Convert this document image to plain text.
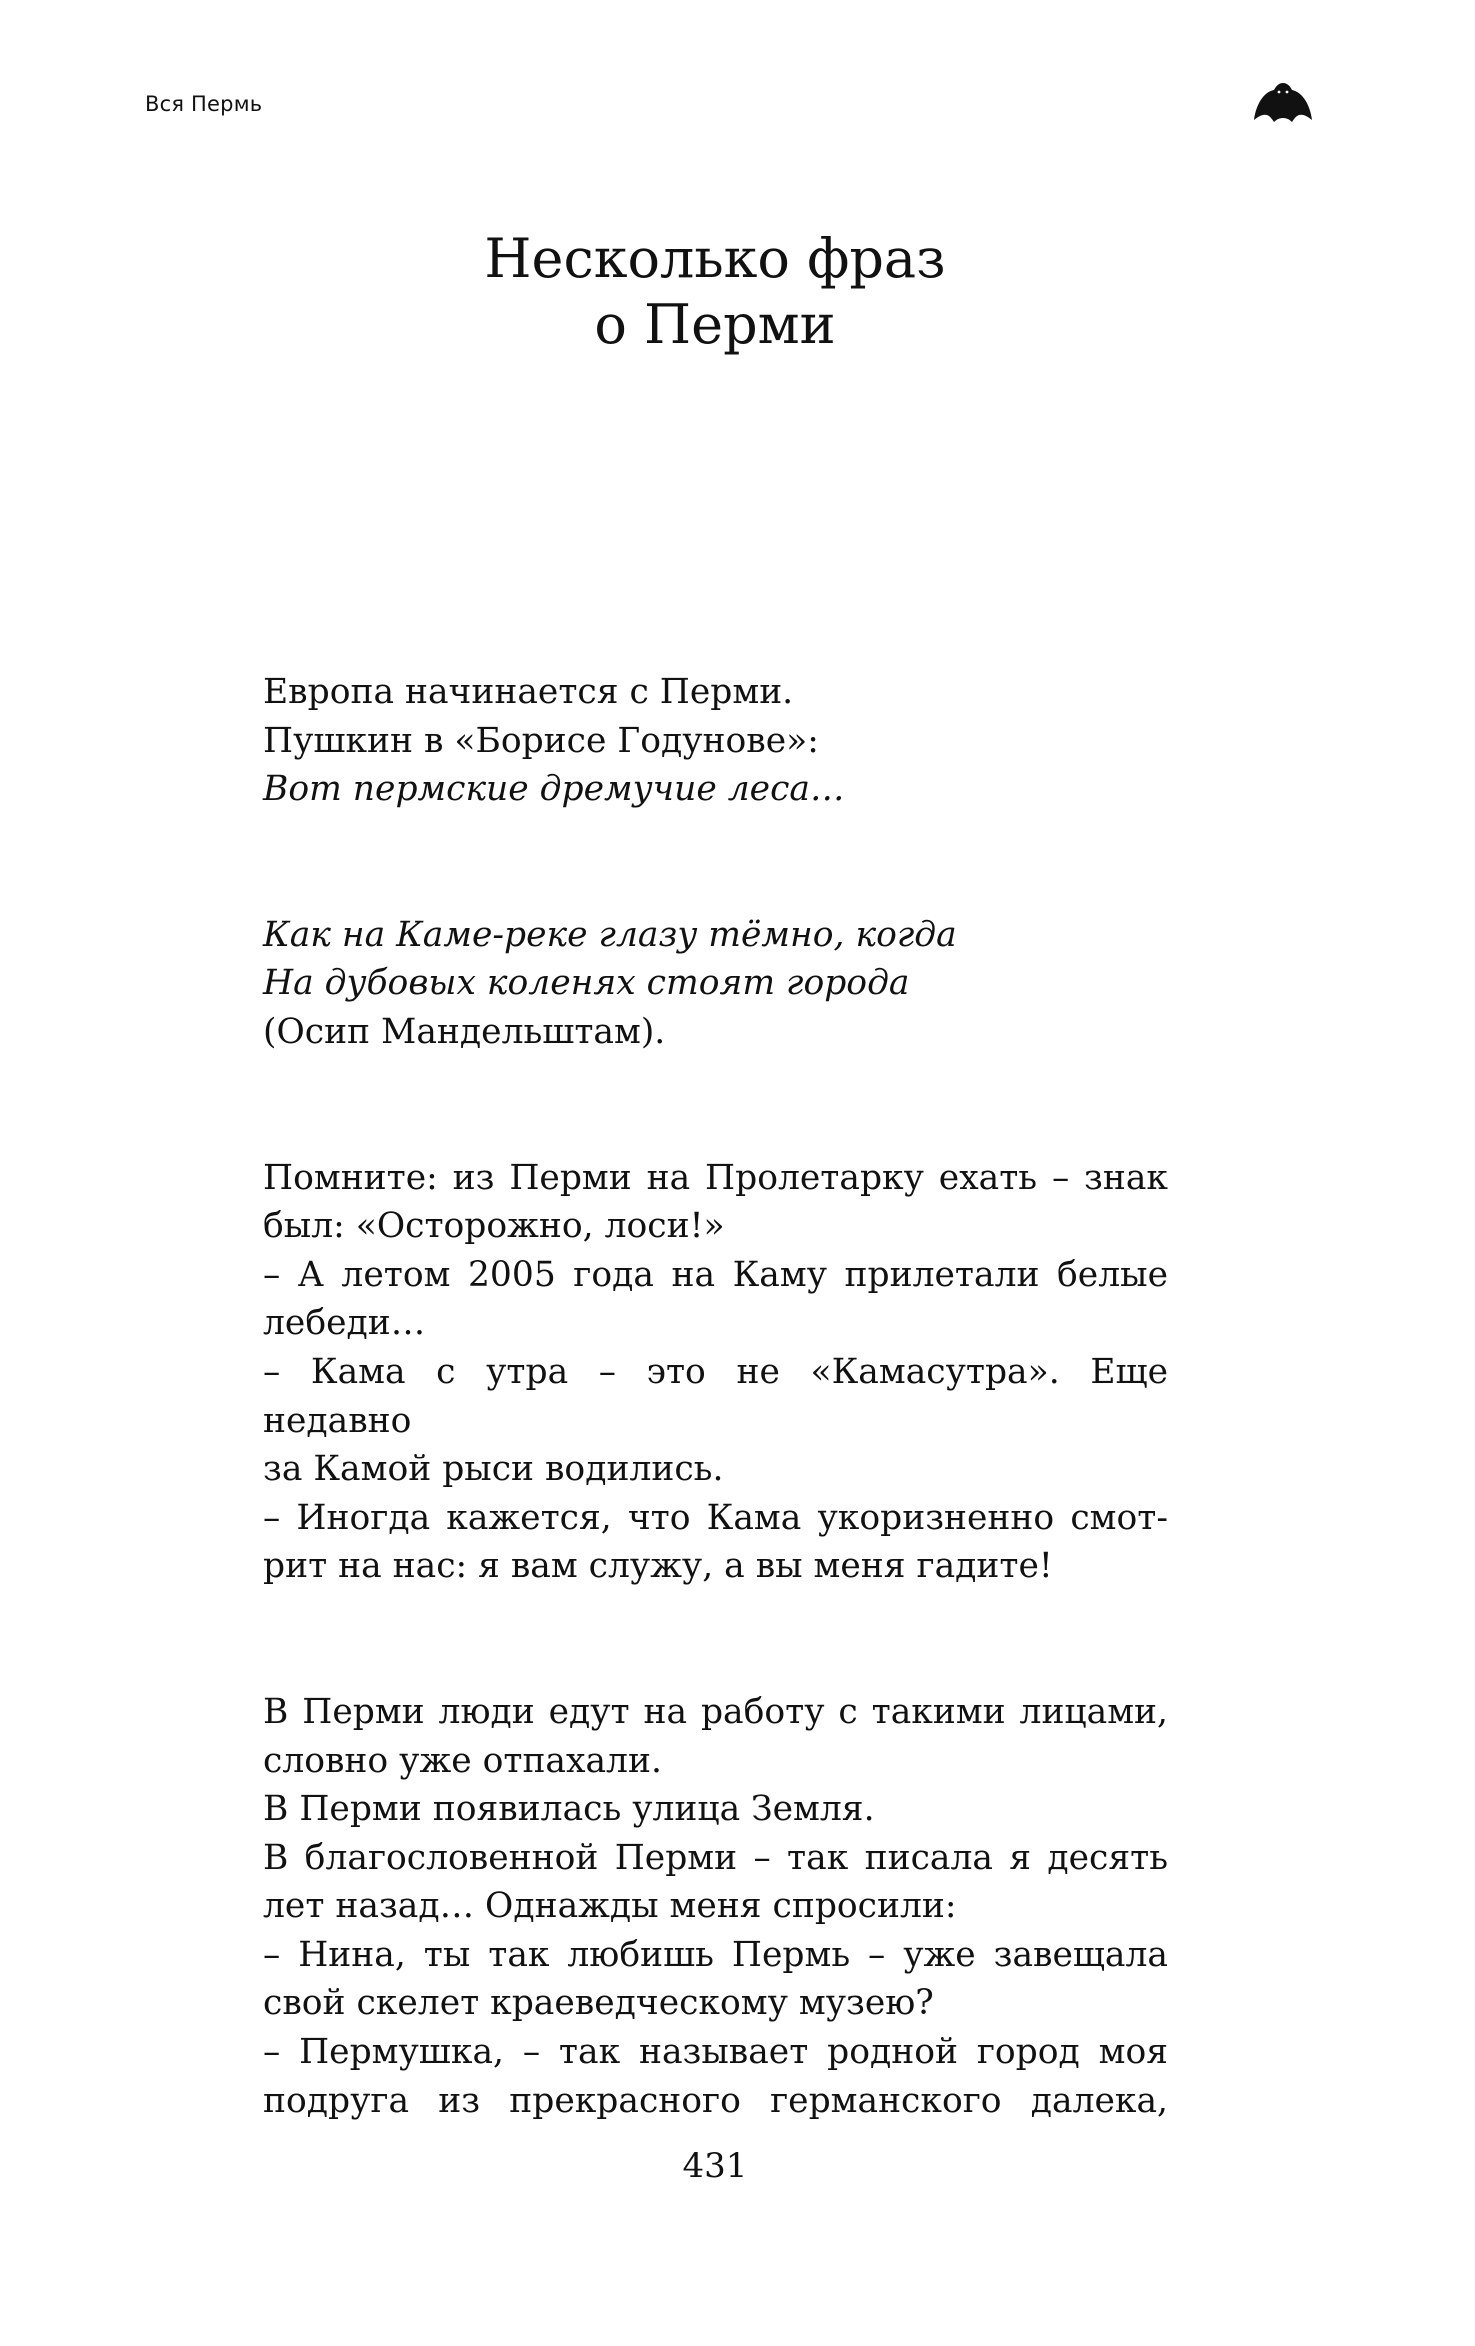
Вся Пермь
Несколько фраз
о Перми
Европа начинается с Перми.
Пушкин в «Борисе Годунове»:
Вот пермские дремучие леса…
Как на Каме-реке глазу тёмно, когда
На дубовых коленях стоят города
(Осип Мандельштам).
Помните: из Перми на Пролетарку ехать – знак
был: «Осторожно, лоси!»
– А летом 2005 года на Каму прилетали белые
лебеди…
– Кама с утра – это не «Камасутра». Еще недавно
за Камой рыси водились.
– Иногда кажется, что Кама укоризненно смот-
рит на нас: я вам служу, а вы меня гадите!
В Перми люди едут на работу с такими лицами,
словно уже отпахали.
В Перми появилась улица Земля.
В благословенной Перми – так писала я десять
лет назад… Однажды меня спросили:
– Нина, ты так любишь Пермь – уже завещала
свой скелет краеведческому музею?
– Пермушка, – так называет родной город моя
подруга из прекрасного германского далека,
431
